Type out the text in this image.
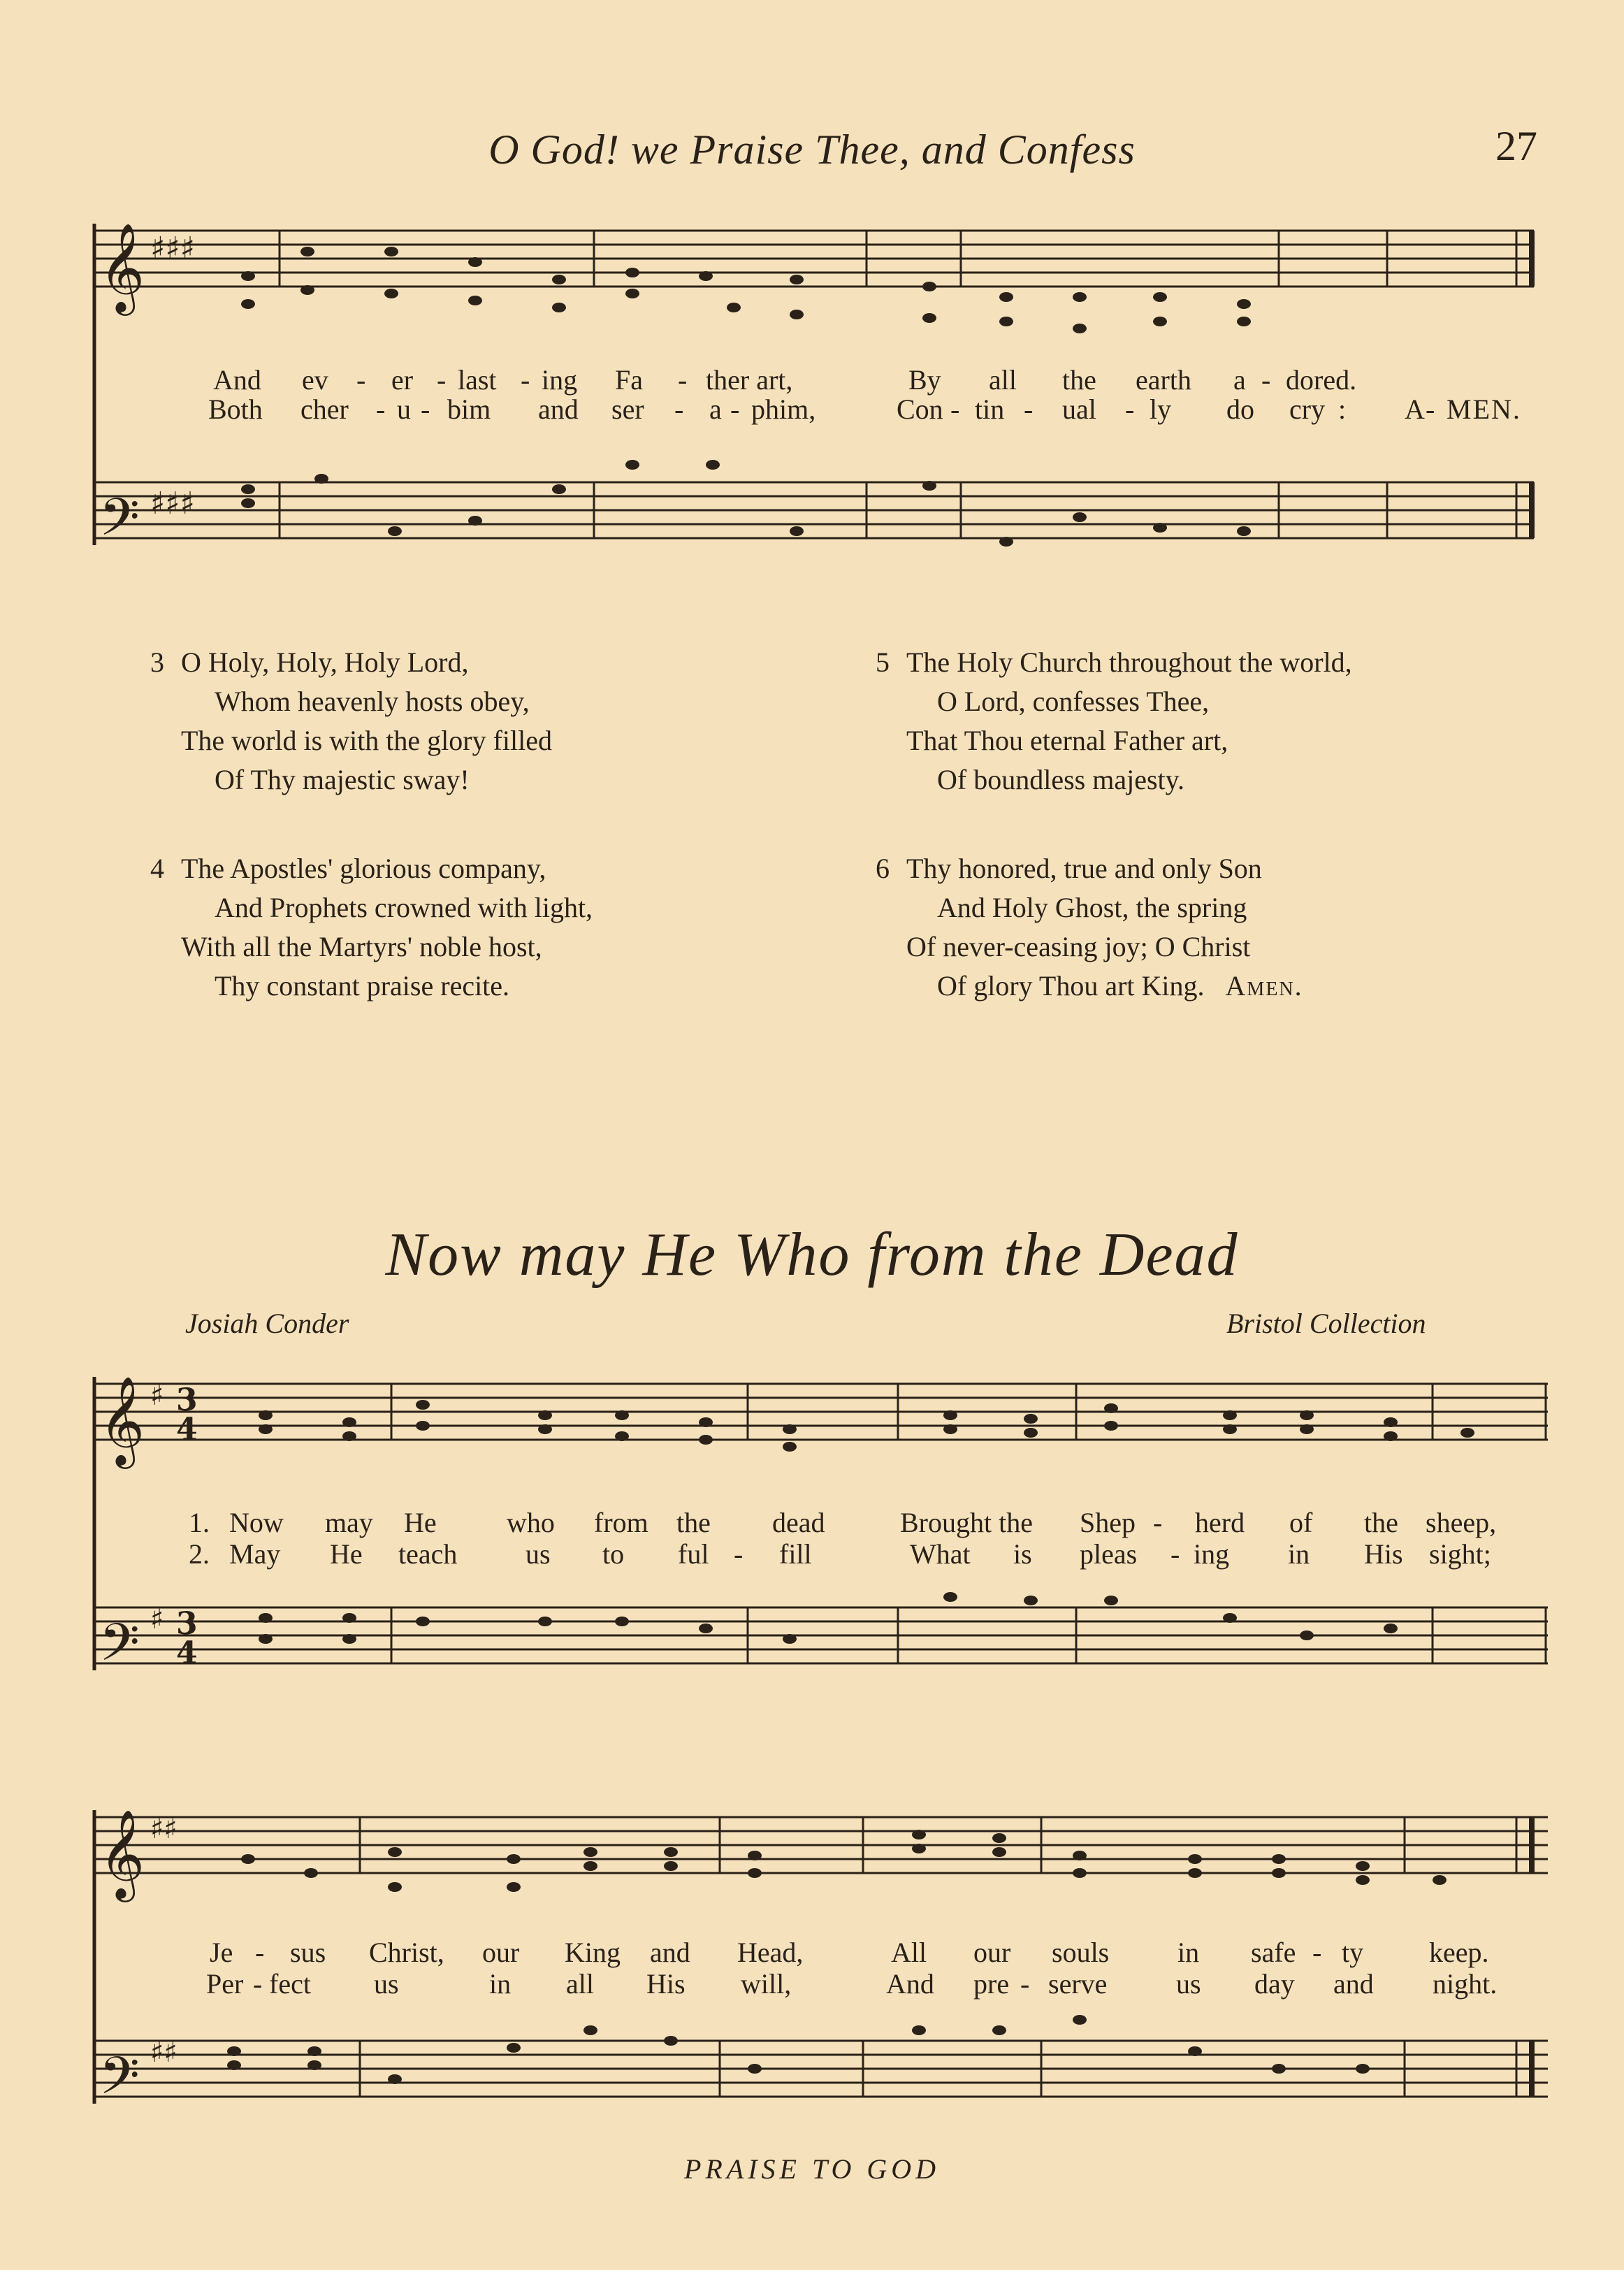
O God! we Praise Thee, and Confess	27
𝄞
𝄢
𝄞
𝄢
𝄞
𝄢
♯♯♯
♯♯♯
♯
♯
♯♯
♯♯
3
4
3
4
And ev - er - last - ing Fa - ther art,	By all the earth a - dored.
Both cher - u - bim and ser - a - phim,	Con - tin - ual - ly do cry : A - MEN.
3 O Holy, Holy, Holy Lord,
Whom heavenly hosts obey,
The world is with the glory filled
Of Thy majestic sway!
4 The Apostles' glorious company,
And Prophets crowned with light,
With all the Martyrs' noble host,
Thy constant praise recite.
5 The Holy Church throughout the world,
O Lord, confesses Thee,
That Thou eternal Father art,
Of boundless majesty.
6 Thy honored, true and only Son
And Holy Ghost, the spring
Of never-ceasing joy; O Christ
Of glory Thou art King. Amen.
Now may He Who from the Dead
Josiah Conder	Bristol Collection
1. Now may He	who from the dead	Brought the Shep - herd of the sheep,
2. May He teach us to ful - fill	What is pleas - ing in His sight;
Je - sus Christ, our King and Head,	All our souls in safe - ty keep.
Per - fect us	in all His will,	And pre - serve us day and night.
PRAISE TO GOD
